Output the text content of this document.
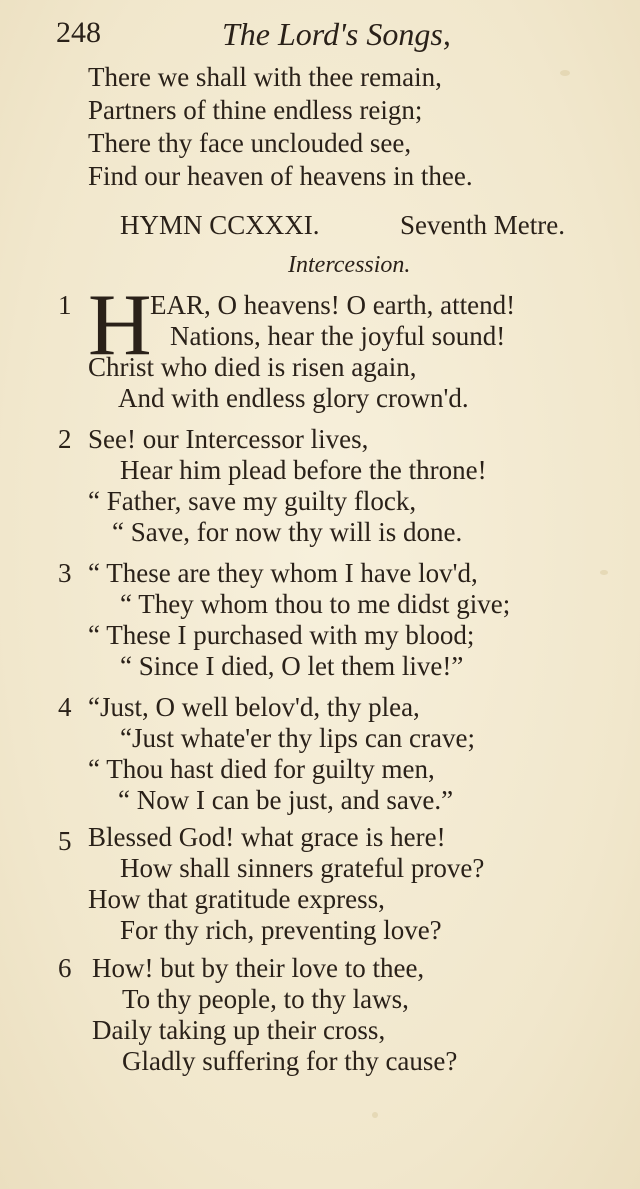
248	The Lord's Songs,
There we shall with thee remain,
Partners of thine endless reign;
There thy face unclouded see,
Find our heaven of heavens in thee.
HYMN CCXXXI.	Seventh Metre.
Intercession.
1 H
EAR, O heavens! O earth, attend!
Nations, hear the joyful sound!
Christ who died is risen again,
And with endless glory crown'd.
2 See! our Intercessor lives,
Hear him plead before the throne!
“ Father, save my guilty flock,
“ Save, for now thy will is done.
3 “ These are they whom I have lov'd,
“ They whom thou to me didst give;
“ These I purchased with my blood;
“ Since I died, O let them live!”
4 “Just, O well belov'd, thy plea,
“Just whate'er thy lips can crave;
“ Thou hast died for guilty men,
“ Now I can be just, and save.”
5 Blessed God! what grace is here!
How shall sinners grateful prove?
How that gratitude express,
For thy rich, preventing love?
6 How! but by their love to thee,
To thy people, to thy laws,
Daily taking up their cross,
Gladly suffering for thy cause?
